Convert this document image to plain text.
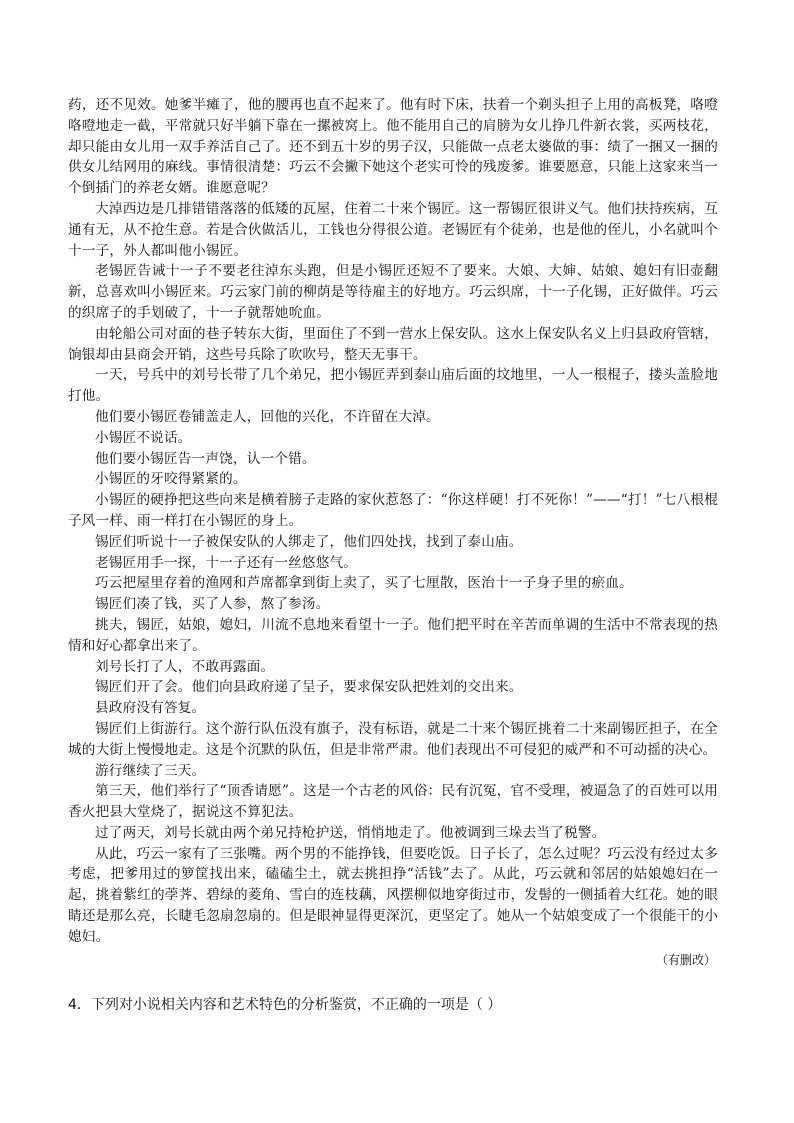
药，还不见效。她爹半瘫了，他的腰再也直不起来了。他有时下床，扶着一个剃头担子上用的高板凳，咯噔咯噔地走一截，平常就只好半躺下靠在一摞被窝上。他不能用自己的肩膀为女儿挣几件新衣裳，买两枝花，却只能由女儿用一双手养活自己了。还不到五十岁的男子汉，只能做一点老太婆做的事：绩了一捆又一捆的供女儿结网用的麻线。事情很清楚：巧云不会撇下她这个老实可怜的残废爹。谁要愿意，只能上这家来当一个倒插门的养老女婿。谁愿意呢？

大淖西边是几排错错落落的低矮的瓦屋，住着二十来个锡匠。这一帮锡匠很讲义气。他们扶持疾病，互通有无，从不抢生意。若是合伙做活儿，工钱也分得很公道。老锡匠有个徒弟，也是他的侄儿，小名就叫个十一子，外人都叫他小锡匠。

老锡匠告诫十一子不要老往淖东头跑，但是小锡匠还短不了要来。大娘、大婶、姑娘、媳妇有旧壶翻新，总喜欢叫小锡匠来。巧云家门前的柳荫是等待雇主的好地方。巧云织席，十一子化锡，正好做伴。巧云的织席子的手划破了，十一子就帮她吮血。

由轮船公司对面的巷子转东大街，里面住了不到一营水上保安队。这水上保安队名义上归县政府管辖，饷银却由县商会开销，这些号兵除了吹吹号，整天无事干。

一天，号兵中的刘号长带了几个弟兄，把小锡匠弄到泰山庙后面的坟地里，一人一根棍子，搂头盖脸地打他。

他们要小锡匠卷铺盖走人，回他的兴化，不许留在大淖。

小锡匠不说话。

他们要小锡匠告一声饶，认一个错。

小锡匠的牙咬得紧紧的。

小锡匠的硬挣把这些向来是横着膀子走路的家伙惹怒了：“你这样硬！打不死你！”——“打！”七八根棍子风一样、雨一样打在小锡匠的身上。

锡匠们听说十一子被保安队的人绑走了，他们四处找，找到了泰山庙。

老锡匠用手一探，十一子还有一丝悠悠气。

巧云把屋里存着的渔网和芦席都拿到街上卖了，买了七厘散，医治十一子身子里的瘀血。

锡匠们凑了钱，买了人参，熬了参汤。

挑夫，锡匠，姑娘，媳妇，川流不息地来看望十一子。他们把平时在辛苦而单调的生活中不常表现的热情和好心都拿出来了。

刘号长打了人，不敢再露面。

锡匠们开了会。他们向县政府递了呈子，要求保安队把姓刘的交出来。

县政府没有答复。

锡匠们上街游行。这个游行队伍没有旗子，没有标语，就是二十来个锡匠挑着二十来副锡匠担子，在全城的大街上慢慢地走。这是个沉默的队伍，但是非常严肃。他们表现出不可侵犯的威严和不可动摇的决心。

游行继续了三天。

第三天，他们举行了“顶香请愿”。这是一个古老的风俗：民有沉冤，官不受理，被逼急了的百姓可以用香火把县大堂烧了，据说这不算犯法。

过了两天，刘号长就由两个弟兄持枪护送，悄悄地走了。他被调到三垛去当了税警。

从此，巧云一家有了三张嘴。两个男的不能挣钱，但要吃饭。日子长了，怎么过呢？巧云没有经过太多考虑，把爹用过的箩筐找出来，磕磕尘土，就去挑担挣“活钱”去了。从此，巧云就和邻居的姑娘媳妇在一起，挑着紫红的荸荠、碧绿的菱角、雪白的连枝藕，风摆柳似地穿街过市，发髻的一侧插着大红花。她的眼睛还是那么亮，长睫毛忽扇忽扇的。但是眼神显得更深沉，更坚定了。她从一个姑娘变成了一个很能干的小媳妇。

（有删改）

4．下列对小说相关内容和艺术特色的分析鉴赏，不正确的一项是（ ）
